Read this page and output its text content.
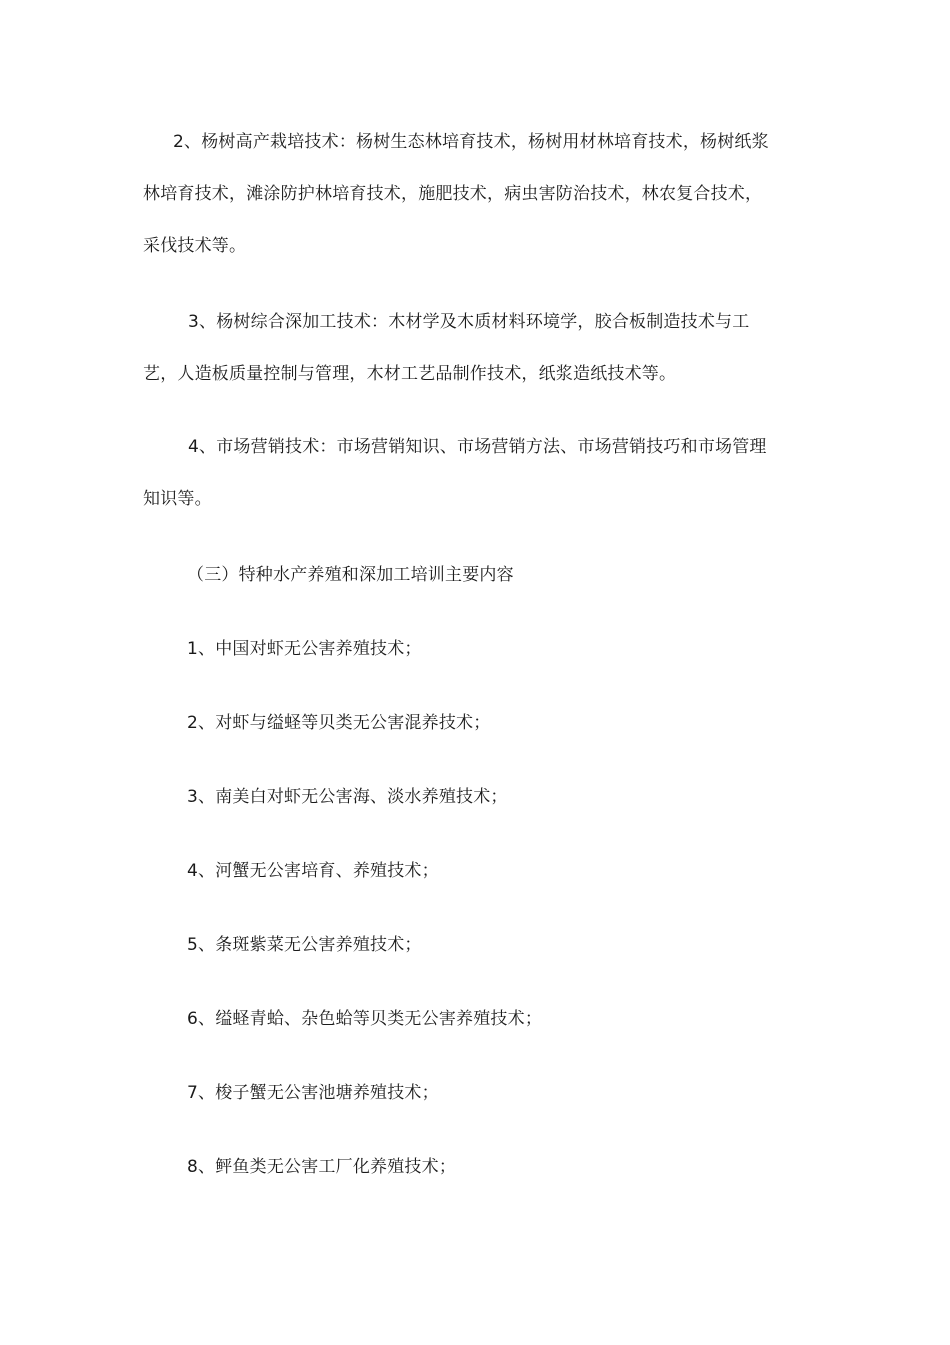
2、杨树高产栽培技术：杨树生态林培育技术，杨树用材林培育技术，杨树纸浆林培育技术，滩涂防护林培育技术，施肥技术，病虫害防治技术，林农复合技术，采伐技术等。

3、杨树综合深加工技术：木材学及木质材料环境学，胶合板制造技术与工艺，人造板质量控制与管理，木材工艺品制作技术，纸浆造纸技术等。

4、市场营销技术：市场营销知识、市场营销方法、市场营销技巧和市场管理知识等。

（三）特种水产养殖和深加工培训主要内容

1、中国对虾无公害养殖技术；

2、对虾与缢蛏等贝类无公害混养技术；

3、南美白对虾无公害海、淡水养殖技术；

4、河蟹无公害培育、养殖技术；

5、条斑紫菜无公害养殖技术；

6、缢蛏青蛤、杂色蛤等贝类无公害养殖技术；

7、梭子蟹无公害池塘养殖技术；

8、鲆鱼类无公害工厂化养殖技术；
